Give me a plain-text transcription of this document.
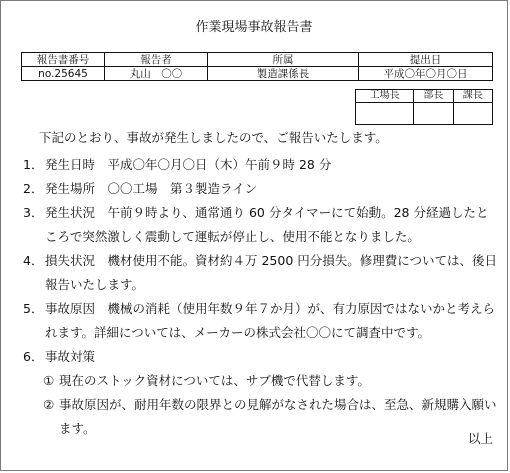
作業現場事故報告書
報告書番号	報告者	所属	提出日
no.25645	丸山　〇〇	製造課係長	平成〇年〇月〇日
工場長	部長	課長

下記のとおり、事故が発生しましたので、ご報告いたします。
1． 発生日時　平成〇年〇月〇日（木）午前９時 28 分
2． 発生場所　〇〇工場　第３製造ライン
3． 発生状況　午前９時より、通常通り 60 分タイマーにて始動。28 分経過したところで突然激しく震動して運転が停止し、使用不能となりました。
4． 損失状況　機材使用不能。資材約４万 2500 円分損失。修理費については、後日報告いたします。
5． 事故原因　機械の消耗（使用年数９年７か月）が、有力原因ではないかと考えられます。詳細については、メーカーの株式会社〇〇にて調査中です。
6． 事故対策
① 現在のストック資材については、サブ機で代替します。
② 事故原因が、耐用年数の限界との見解がなされた場合は、至急、新規購入願います。
以上
